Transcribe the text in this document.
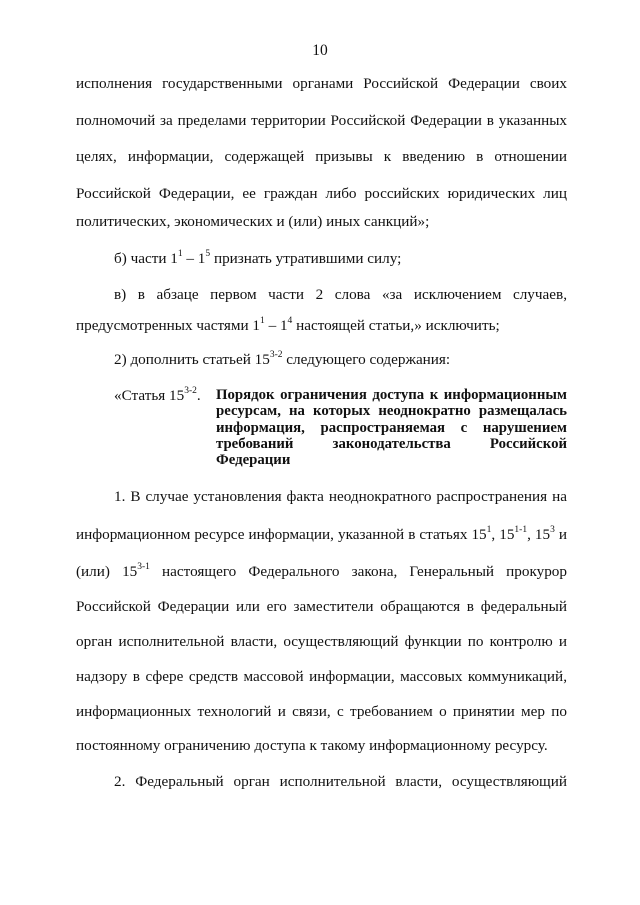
10
исполнения государственными органами Российской Федерации своих
полномочий за пределами территории Российской Федерации в указанных
целях, информации, содержащей призывы к введению в отношении
Российской Федерации, ее граждан либо российских юридических лиц
политических, экономических и (или) иных санкций»;
б) части $1^1 - 1^5$ признать утратившими силу;
в) в абзаце первом части 2 слова «за исключением случаев,
предусмотренных частями $1^1 - 1^4$ настоящей статьи,» исключить;
2) дополнить статьей 15$^{3-2}$ следующего содержания:
«Статья 15$^{3-2}$. Порядок ограничения доступа к информационным
ресурсам, на которых неоднократно размещалась
информация, распространяемая с нарушением
требований законодательства Российской
Федерации
1. В случае установления факта неоднократного распространения на
информационном ресурсе информации, указанной в статьях $15^1$, 15$^{1-1}$, $15^3$ и
(или) 15$^{3-1}$ настоящего Федерального закона, Генеральный прокурор
Российской Федерации или его заместители обращаются в федеральный
орган исполнительной власти, осуществляющий функции по контролю и
надзору в сфере средств массовой информации, массовых коммуникаций,
информационных технологий и связи, с требованием о принятии мер по
постоянному ограничению доступа к такому информационному ресурсу.
2. Федеральный орган исполнительной власти, осуществляющий
